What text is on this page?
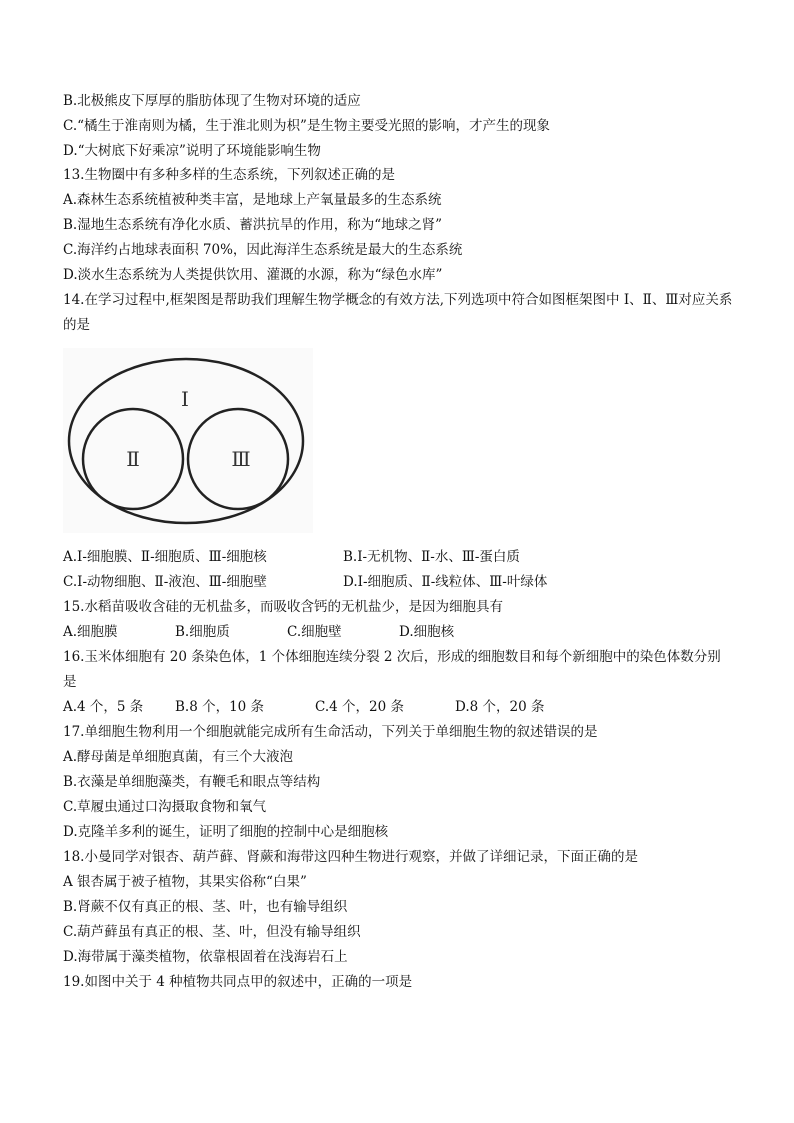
B.北极熊皮下厚厚的脂肪体现了生物对环境的适应
C.“橘生于淮南则为橘，生于淮北则为枳”是生物主要受光照的影响，才产生的现象
D.“大树底下好乘凉”说明了环境能影响生物
13.生物圈中有多种多样的生态系统，下列叙述正确的是
A.森林生态系统植被种类丰富，是地球上产氧量最多的生态系统
B.湿地生态系统有净化水质、蓄洪抗旱的作用，称为“地球之肾”
C.海洋约占地球表面积 70%，因此海洋生态系统是最大的生态系统
D.淡水生态系统为人类提供饮用、灌溉的水源，称为“绿色水库”
14.在学习过程中,框架图是帮助我们理解生物学概念的有效方法,下列选项中符合如图框架图中 Ⅰ、Ⅱ、Ⅲ对应关系的是
Ⅰ
Ⅱ	Ⅲ
A.Ⅰ-细胞膜、Ⅱ-细胞质、Ⅲ-细胞核	B.Ⅰ-无机物、Ⅱ-水、Ⅲ-蛋白质
C.Ⅰ-动物细胞、Ⅱ-液泡、Ⅲ-细胞壁	D.Ⅰ-细胞质、Ⅱ-线粒体、Ⅲ-叶绿体
15.水稻苗吸收含硅的无机盐多，而吸收含钙的无机盐少，是因为细胞具有
A.细胞膜	B.细胞质	C.细胞壁	D.细胞核
16.玉米体细胞有 20 条染色体，1 个体细胞连续分裂 2 次后，形成的细胞数目和每个新细胞中的染色体数分别是
A.4 个，5 条 B.8 个，10 条	C.4 个，20 条	D.8 个，20 条
17.单细胞生物利用一个细胞就能完成所有生命活动，下列关于单细胞生物的叙述错误的是
A.酵母菌是单细胞真菌，有三个大液泡
B.衣藻是单细胞藻类，有鞭毛和眼点等结构
C.草履虫通过口沟摄取食物和氧气
D.克隆羊多利的诞生，证明了细胞的控制中心是细胞核
18.小曼同学对银杏、葫芦藓、肾蕨和海带这四种生物进行观察，并做了详细记录，下面正确的是
A 银杏属于被子植物，其果实俗称“白果”
B.肾蕨不仅有真正的根、茎、叶，也有输导组织
C.葫芦藓虽有真正的根、茎、叶，但没有输导组织
D.海带属于藻类植物，依靠根固着在浅海岩石上
19.如图中关于 4 种植物共同点甲的叙述中，正确的一项是
